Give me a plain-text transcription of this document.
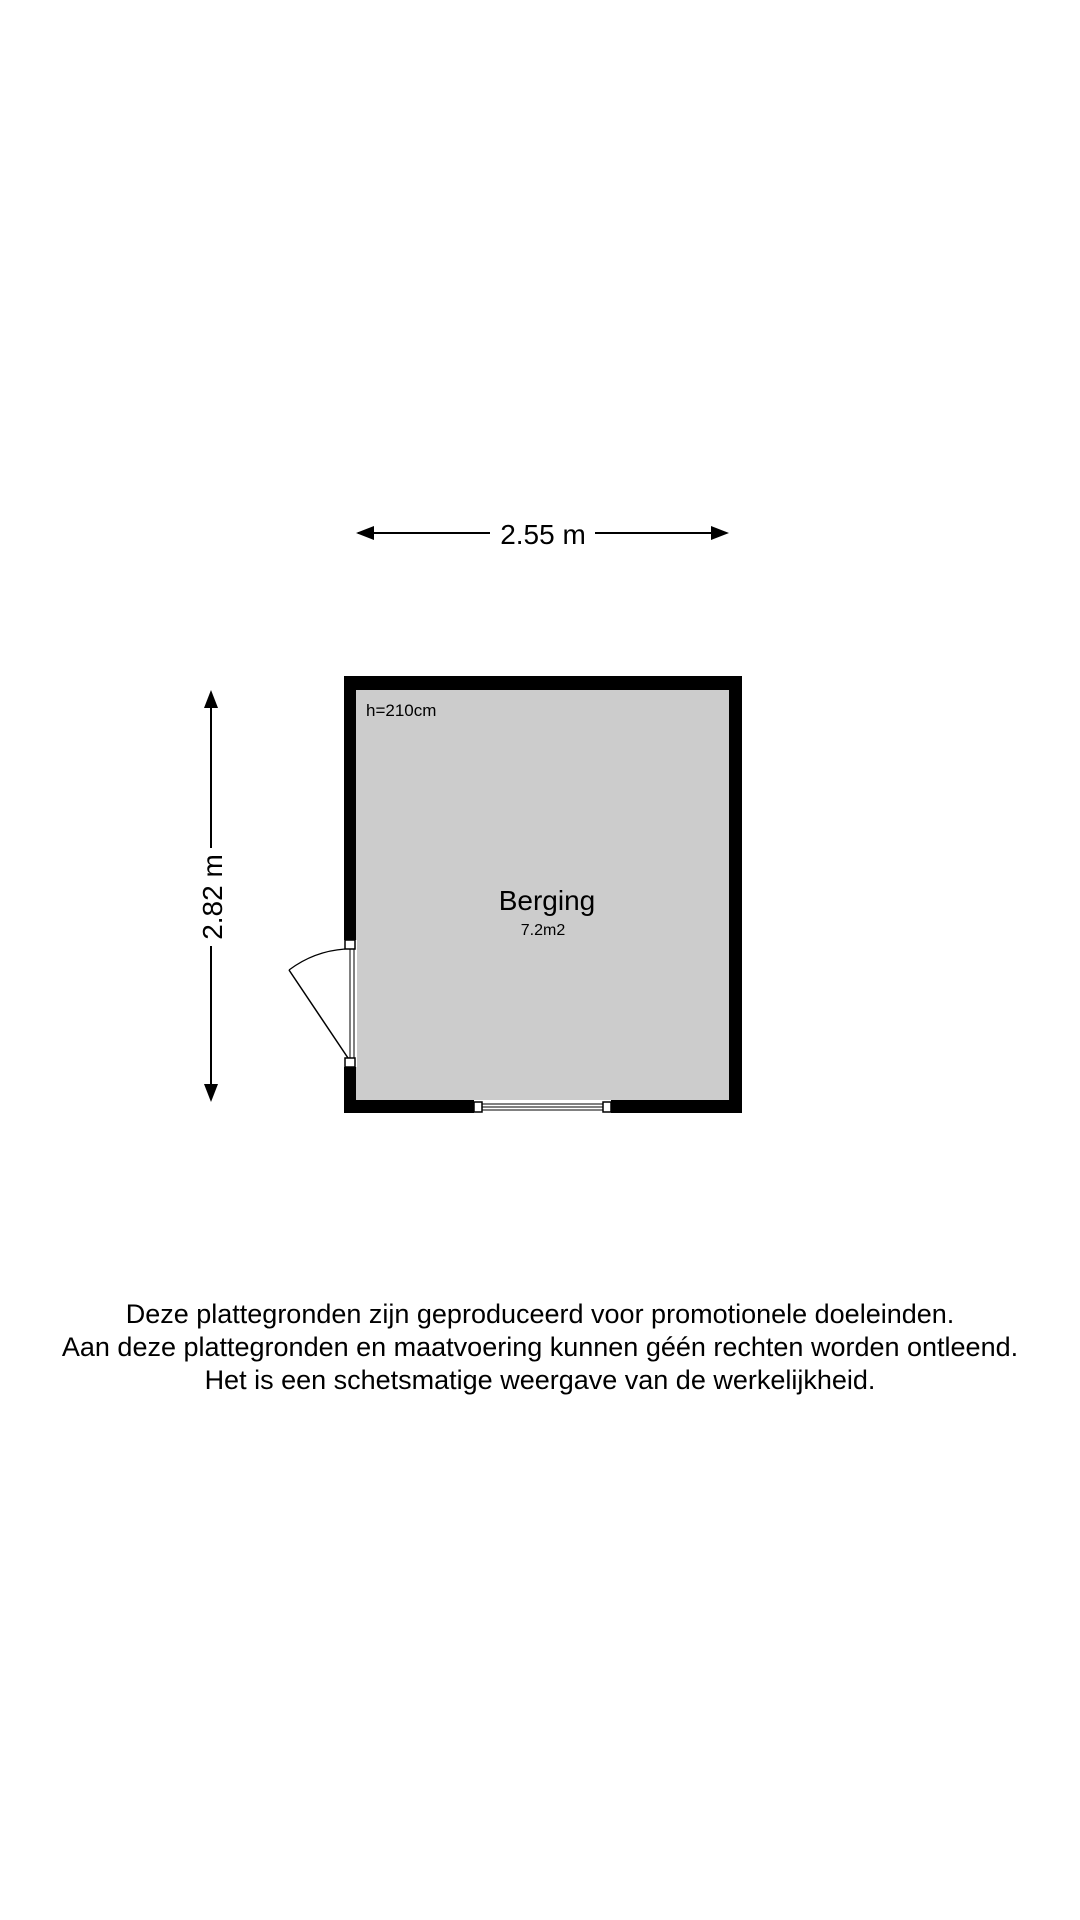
2.55 m
2.82 m
h=210cm
Berging
7.2m2
Deze plattegronden zijn geproduceerd voor promotionele doeleinden.
Aan deze plattegronden en maatvoering kunnen géén rechten worden ontleend.
Het is een schetsmatige weergave van de werkelijkheid.
